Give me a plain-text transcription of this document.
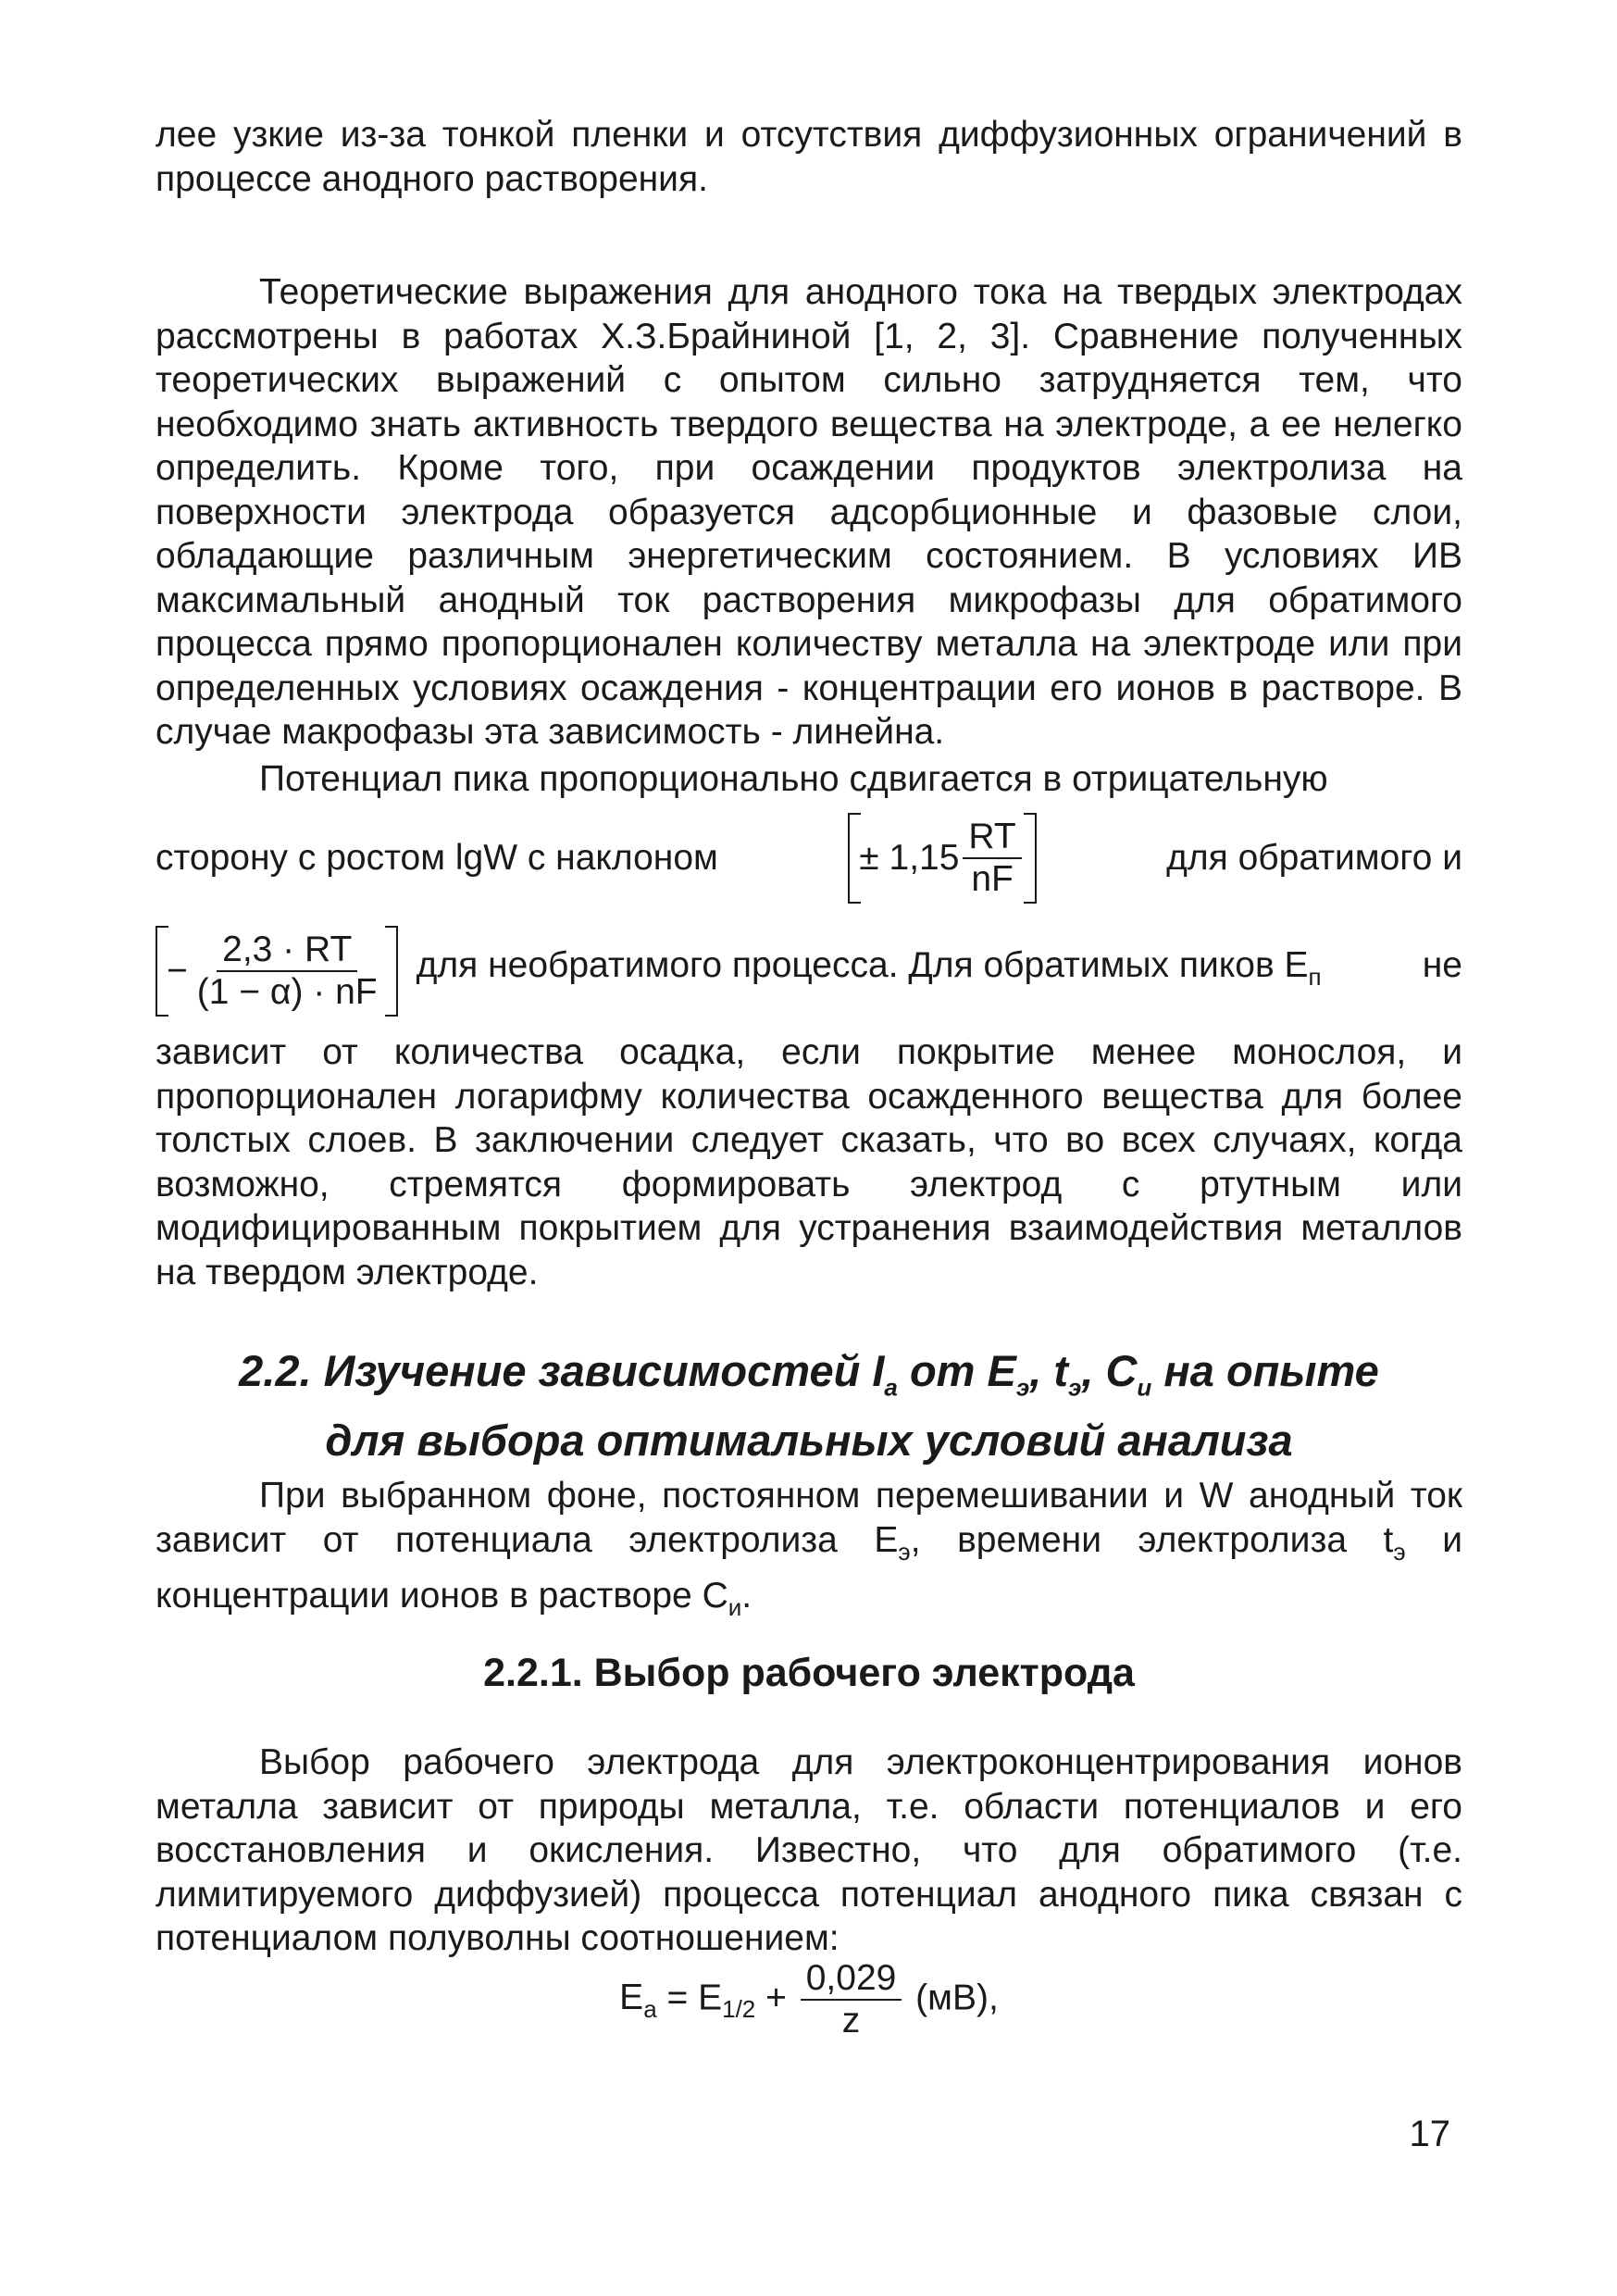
лее узкие из-за тонкой пленки и отсутствия диффузионных ограничений в процессе анодного растворения.

Теоретические выражения для анодного тока на твердых электродах рассмотрены в работах Х.З.Брайниной [1, 2, 3]. Сравнение полученных теоретических выражений с опытом сильно затрудняется тем, что необходимо знать активность твердого вещества на электроде, а ее нелегко определить. Кроме того, при осаждении продуктов электролиза на поверхности электрода образуется адсорбционные и фазовые слои, обладающие различным энергетическим состоянием. В условиях ИВ максимальный анодный ток растворения микрофазы для обратимого процесса прямо пропорционален количеству металла на электроде или при определенных условиях осаждения - концентрации его ионов в растворе. В случае макрофазы эта зависимость - линейна.

Потенциал пика пропорционально сдвигается в отрицательную

сторону с ростом lgW с наклоном	± $1,15 \frac{RT}{nF}$	для обратимого и
− $\frac{2,3 \cdot RT}{(1 - \alpha) \cdot nF}$ для необратимого процесса. Для обратимых пиков $Е_п$	не

зависит от количества осадка, если покрытие менее монослоя, и пропорционален логарифму количества осажденного вещества для более толстых слоев. В заключении следует сказать, что во всех случаях, когда возможно, стремятся формировать электрод с ртутным или модифицированным покрытием для устранения взаимодействия металлов на твердом электроде.

2.2. Изучение зависимостей $I_а$ от $Е_э$, $t_э$, $С_и$ на опыте
для выбора оптимальных условий анализа

При выбранном фоне, постоянном перемешивании и W анодный ток зависит от потенциала электролиза $Е_э$, времени электролиза $t_э$ и концентрации ионов в растворе $С_и$.

2.2.1. Выбор рабочего электрода

Выбор рабочего электрода для электроконцентрирования ионов металла зависит от природы металла, т.е. области потенциалов и его восстановления и окисления. Известно, что для обратимого (т.е. лимитируемого диффузией) процесса потенциал анодного пика связан с потенциалом полуволны соотношением:

$Е_а = Е_{1/2} + \frac{0,029}{z} (мВ)$,
17
